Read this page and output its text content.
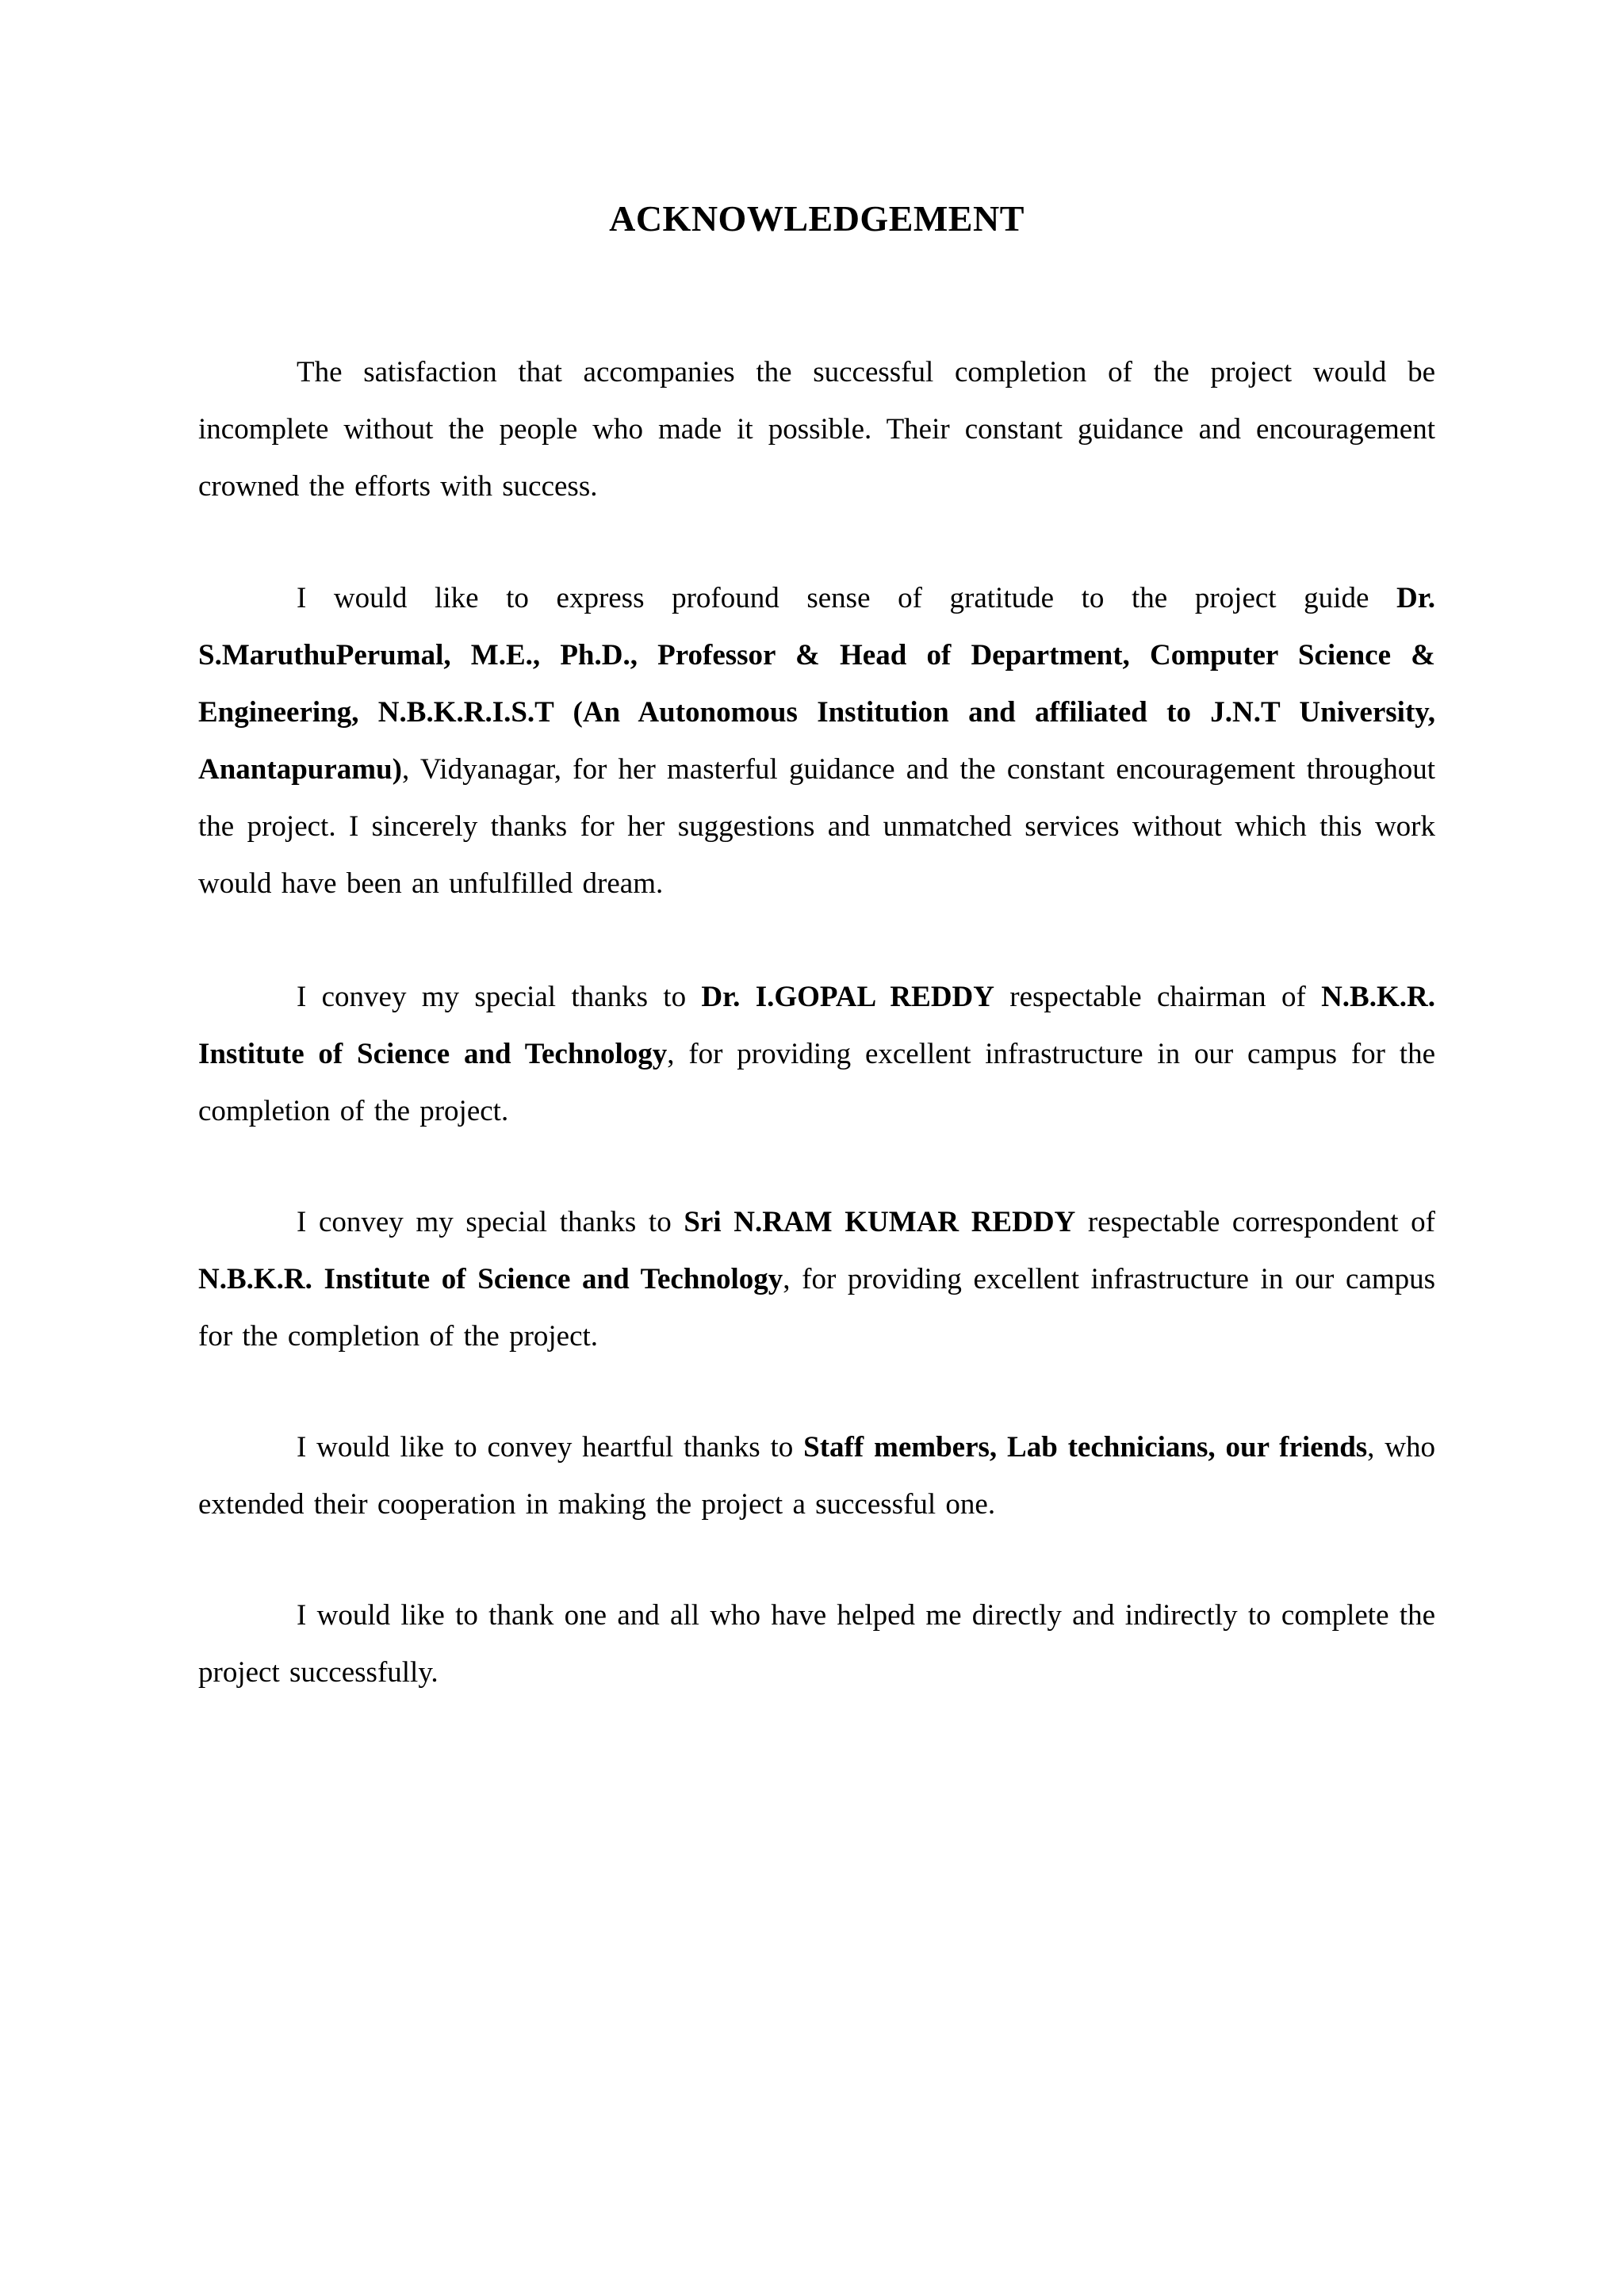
ACKNOWLEDGEMENT

The satisfaction that accompanies the successful completion of the project would be incomplete without the people who made it possible. Their constant guidance and encouragement crowned the efforts with success.

I would like to express profound sense of gratitude to the project guide Dr. S.MaruthuPerumal, M.E., Ph.D., Professor & Head of Department, Computer Science & Engineering, N.B.K.R.I.S.T (An Autonomous Institution and affiliated to J.N.T University, Anantapuramu), Vidyanagar, for her masterful guidance and the constant encouragement throughout the project. I sincerely thanks for her suggestions and unmatched services without which this work would have been an unfulfilled dream.

I convey my special thanks to Dr. I.GOPAL REDDY respectable chairman of N.B.K.R. Institute of Science and Technology, for providing excellent infrastructure in our campus for the completion of the project.

I convey my special thanks to Sri N.RAM KUMAR REDDY respectable correspondent of N.B.K.R. Institute of Science and Technology, for providing excellent infrastructure in our campus for the completion of the project.

I would like to convey heartful thanks to Staff members, Lab technicians, our friends, who extended their cooperation in making the project a successful one.

I would like to thank one and all who have helped me directly and indirectly to complete the project successfully.
